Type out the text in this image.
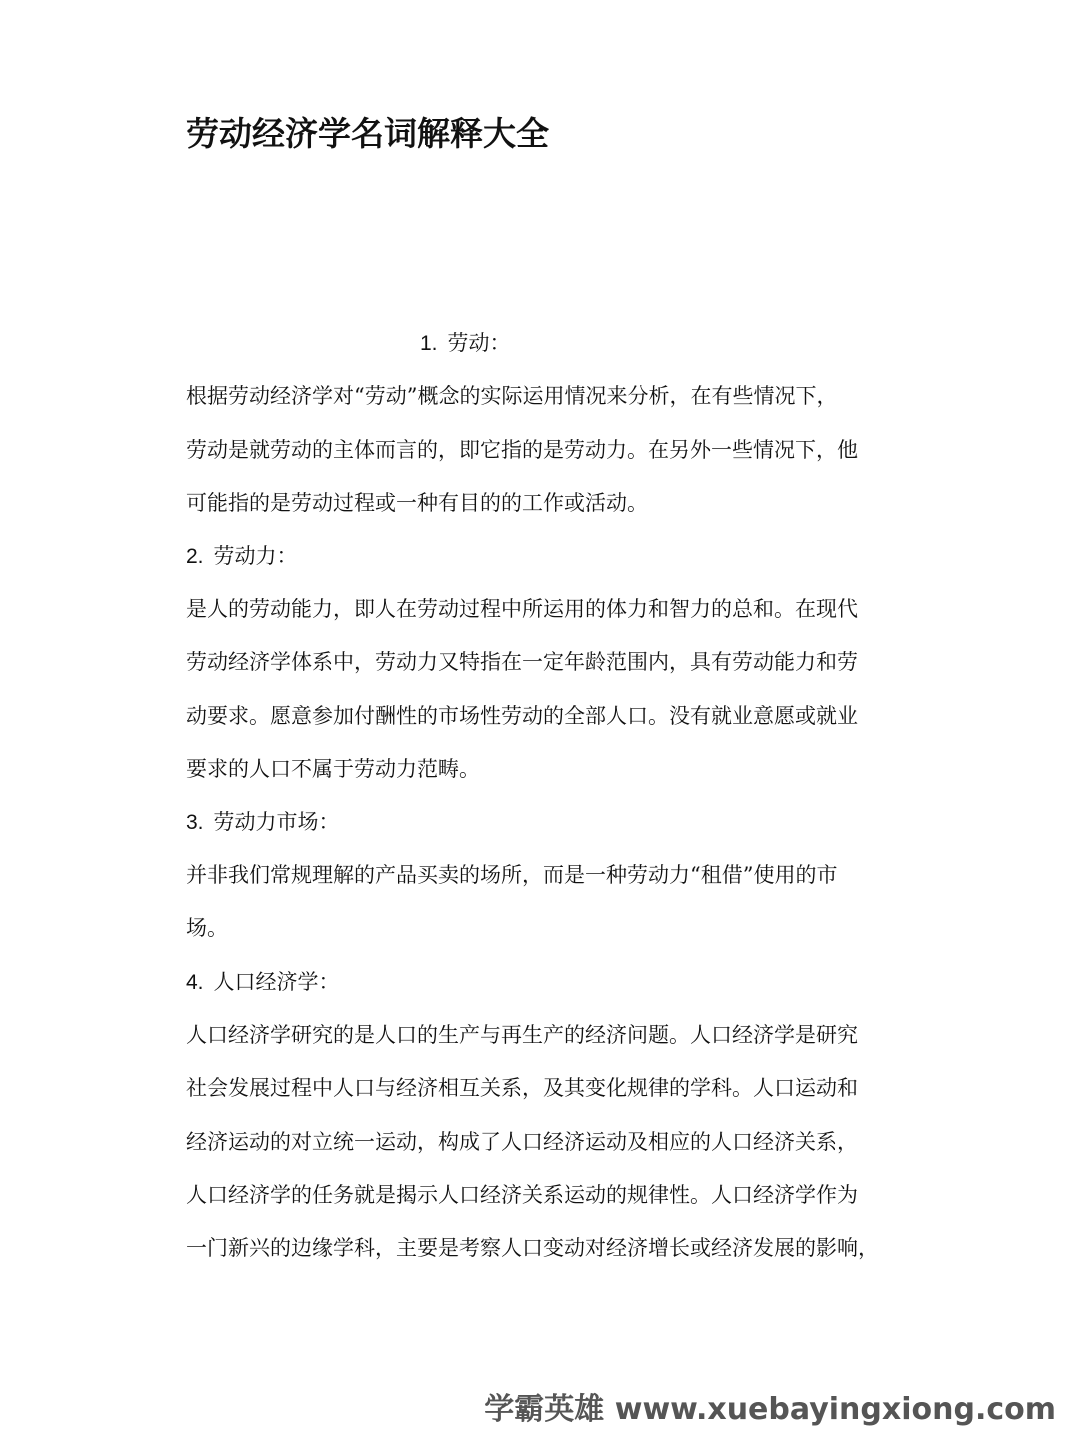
劳动经济学名词解释大全
1. 劳动：
根据劳动经济学对“劳动”概念的实际运用情况来分析，在有些情况下，
劳动是就劳动的主体而言的，即它指的是劳动力。在另外一些情况下，他
可能指的是劳动过程或一种有目的的工作或活动。
2. 劳动力：
是人的劳动能力，即人在劳动过程中所运用的体力和智力的总和。在现代
劳动经济学体系中，劳动力又特指在一定年龄范围内，具有劳动能力和劳
动要求。愿意参加付酬性的市场性劳动的全部人口。没有就业意愿或就业
要求的人口不属于劳动力范畴。
3. 劳动力市场：
并非我们常规理解的产品买卖的场所，而是一种劳动力“租借”使用的市
场。
4. 人口经济学：
人口经济学研究的是人口的生产与再生产的经济问题。人口经济学是研究
社会发展过程中人口与经济相互关系，及其变化规律的学科。人口运动和
经济运动的对立统一运动，构成了人口经济运动及相应的人口经济关系，
人口经济学的任务就是揭示人口经济关系运动的规律性。人口经济学作为
一门新兴的边缘学科，主要是考察人口变动对经济增长或经济发展的影响，
学霸英雄 www.xuebayingxiong.com
